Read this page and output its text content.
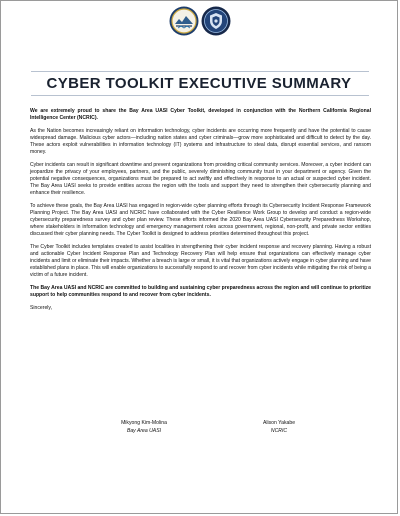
CYBER TOOLKIT EXECUTIVE SUMMARY

We are extremely proud to share the Bay Area UASI Cyber Toolkit, developed in conjunction with the Northern California Regional Intelligence Center (NCRIC).

As the Nation becomes increasingly reliant on information technology, cyber incidents are occurring more frequently and have the potential to cause widespread damage. Malicious cyber actors—including nation states and cyber criminals—grow more sophisticated and difficult to detect by the day. These actors exploit vulnerabilities in information technology (IT) systems and infrastructure to steal data, disrupt essential services, and ransom money.

Cyber incidents can result in significant downtime and prevent organizations from providing critical community services. Moreover, a cyber incident can jeopardize the privacy of your employees, partners, and the public, severely diminishing community trust in your department or agency. Given the potential negative consequences, organizations must be prepared to act swiftly and effectively in response to an actual or suspected cyber incident. The Bay Area UASI seeks to provide entities across the region with the tools and support they need to strengthen their cybersecurity planning and enhance their resilience.

To achieve these goals, the Bay Area UASI has engaged in region-wide cyber planning efforts through its Cybersecurity Incident Response Framework Planning Project. The Bay Area UASI and NCRIC have collaborated with the Cyber Resilience Work Group to develop and conduct a region-wide cybersecurity preparedness survey and cyber plan review. These efforts informed the 2020 Bay Area UASI Cybersecurity Preparedness Workshop, where stakeholders in information technology and emergency management roles across government, regional, non-profit, and private sector entities discussed their cyber planning needs. The Cyber Toolkit is designed to address priorities determined throughout this project.

The Cyber Toolkit includes templates created to assist localities in strengthening their cyber incident response and recovery planning. Having a robust and actionable Cyber Incident Response Plan and Technology Recovery Plan will help ensure that organizations can effectively manage cyber incidents and limit or eliminate their impacts. Whether a breach is large or small, it is vital that organizations actively engage in cyber planning and have established plans in place. This will enable organizations to successfully respond to and recover from cyber incidents while mitigating the risk of being a victim of a future incident.

The Bay Area UASI and NCRIC are committed to building and sustaining cyber preparedness across the region and will continue to prioritize support to help communities respond to and recover from cyber incidents.

Sincerely,

Mikyong Kim-Molina
Bay Area UASI
Alison Yakabe
NCRIC
